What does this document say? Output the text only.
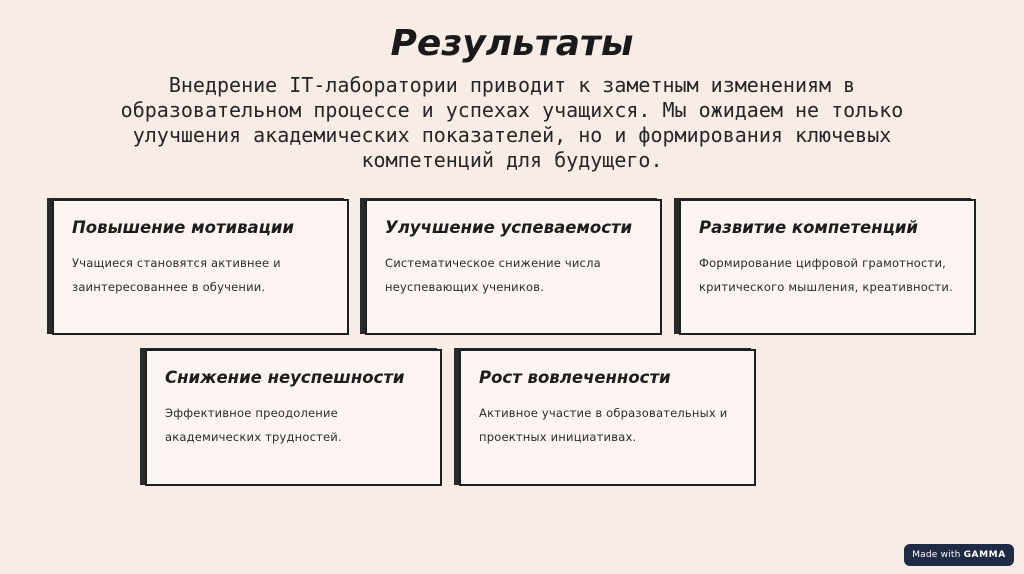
Результаты

Внедрение IT-лаборатории приводит к заметным изменениям в образовательном процессе и успехах учащихся. Мы ожидаем не только улучшения академических показателей, но и формирования ключевых компетенций для будущего.

Повышение мотивации

Учащиеся становятся активнее и заинтересованнее в обучении.

Улучшение успеваемости

Систематическое снижение числа неуспевающих учеников.

Развитие компетенций

Формирование цифровой грамотности, критического мышления, креативности.

Снижение неуспешности

Эффективное преодоление академических трудностей.

Рост вовлеченности

Активное участие в образовательных и проектных инициативах.

Made with GAMMA
